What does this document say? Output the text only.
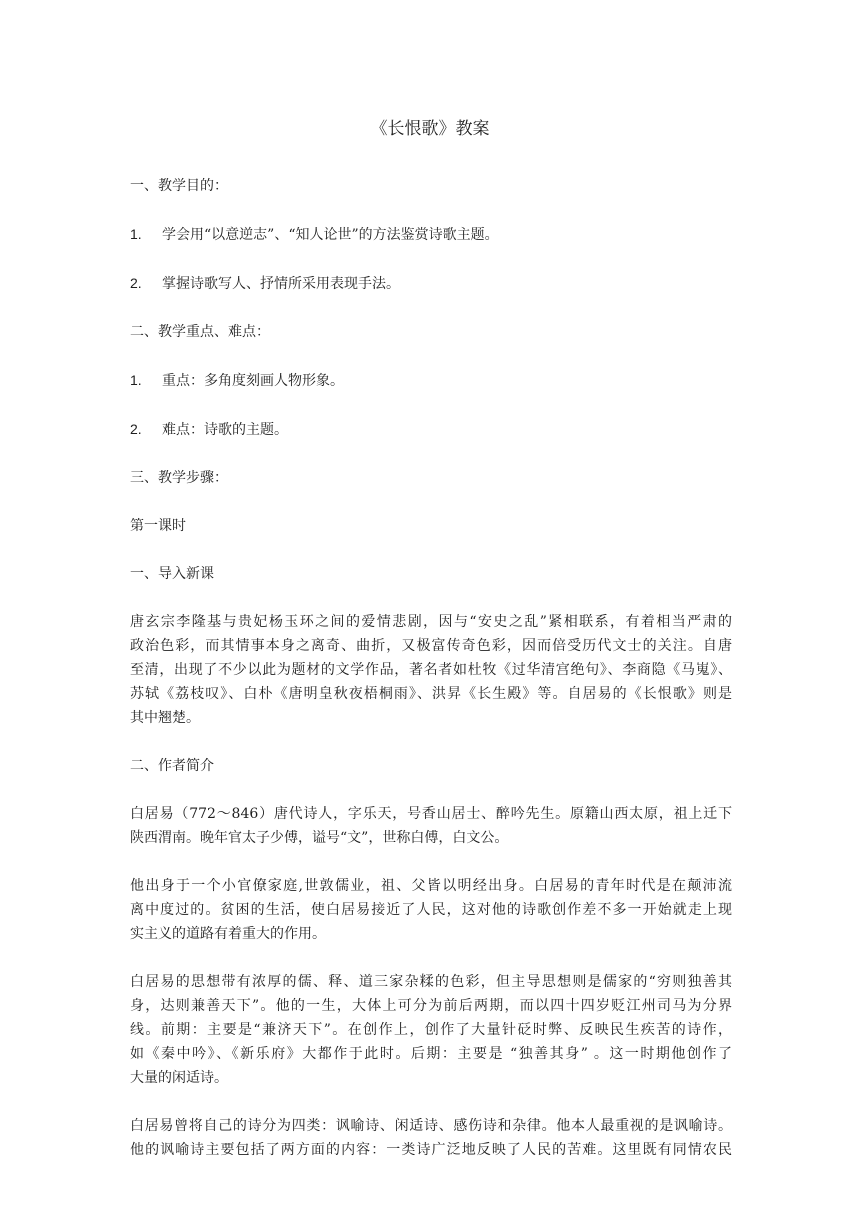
《长恨歌》教案

一、教学目的：

1. 学会用“以意逆志”、“知人论世”的方法鉴赏诗歌主题。

2. 掌握诗歌写人、抒情所采用表现手法。

二、教学重点、难点：

1. 重点：多角度刻画人物形象。

2. 难点：诗歌的主题。

三、教学步骤：

第一课时

一、导入新课

唐玄宗李隆基与贵妃杨玉环之间的爱情悲剧，因与“安史之乱”紧相联系，有着相当严肃的

政治色彩，而其情事本身之离奇、曲折，又极富传奇色彩，因而倍受历代文士的关注。自唐

至清，出现了不少以此为题材的文学作品，著名者如杜牧《过华清宫绝句》、李商隐《马嵬》、

苏轼《荔枝叹》、白朴《唐明皇秋夜梧桐雨》、洪昇《长生殿》等。自居易的《长恨歌》则是

其中翘楚。

二、作者简介

白居易（772～846）唐代诗人，字乐天，号香山居士、醉吟先生。原籍山西太原，祖上迁下

陕西渭南。晚年官太子少傅，谥号“文”，世称白傅，白文公。

他出身于一个小官僚家庭,世敦儒业，祖、父皆以明经出身。白居易的青年时代是在颠沛流

离中度过的。贫困的生活，使白居易接近了人民，这对他的诗歌创作差不多一开始就走上现

实主义的道路有着重大的作用。

白居易的思想带有浓厚的儒、释、道三家杂糅的色彩，但主导思想则是儒家的“穷则独善其

身，达则兼善天下”。他的一生，大体上可分为前后两期，而以四十四岁贬江州司马为分界

线。前期：主要是“兼济天下”。在创作上，创作了大量针砭时弊、反映民生疾苦的诗作，

如《秦中吟》、《新乐府》大都作于此时。后期：主要是 “独善其身” 。这一时期他创作了

大量的闲适诗。

白居易曾将自己的诗分为四类：讽喻诗、闲适诗、感伤诗和杂律。他本人最重视的是讽喻诗。

他的讽喻诗主要包括了两方面的内容：一类诗广泛地反映了人民的苦难。这里既有同情农民
